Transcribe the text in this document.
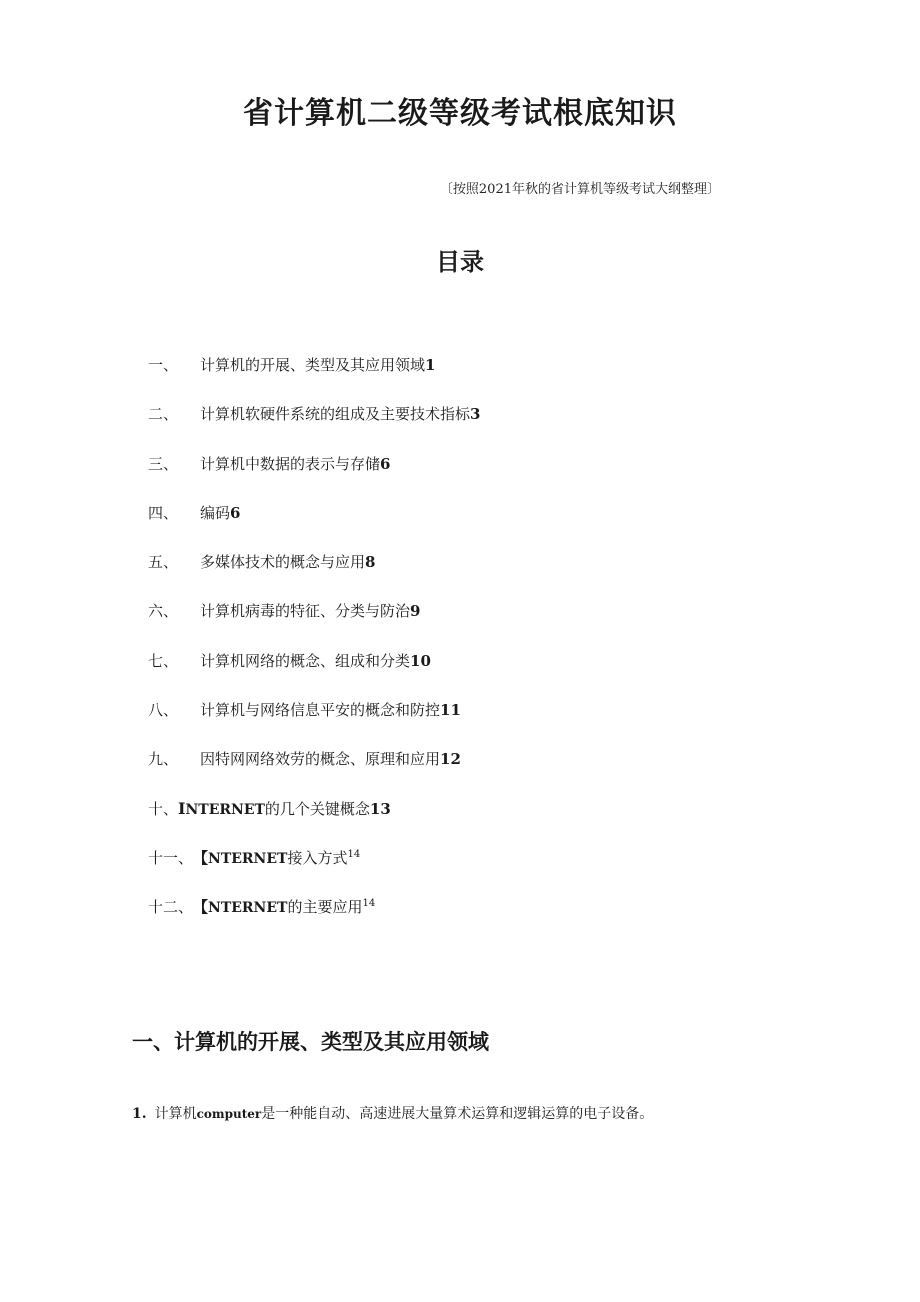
省计算机二级等级考试根底知识

〔按照2021年秋的省计算机等级考试大纲整理〕

目录
一、 计算机的开展、类型及其应用领域1
二、 计算机软硬件系统的组成及主要技术指标3
三、 计算机中数据的表示与存储6
四、 编码6
五、 多媒体技术的概念与应用8
六、 计算机病毒的特征、分类与防治9
七、 计算机网络的概念、组成和分类10
八、 计算机与网络信息平安的概念和防控11
九、 因特网网络效劳的概念、原理和应用12
十、INTERNET的几个关键概念13
十一、【NTERNET接入方式$^{14}$
十二、【NTERNET的主要应用$^{14}$
一、计算机的开展、类型及其应用领域

1. 计算机computer是一种能自动、高速进展大量算术运算和逻辑运算的电子设备。
